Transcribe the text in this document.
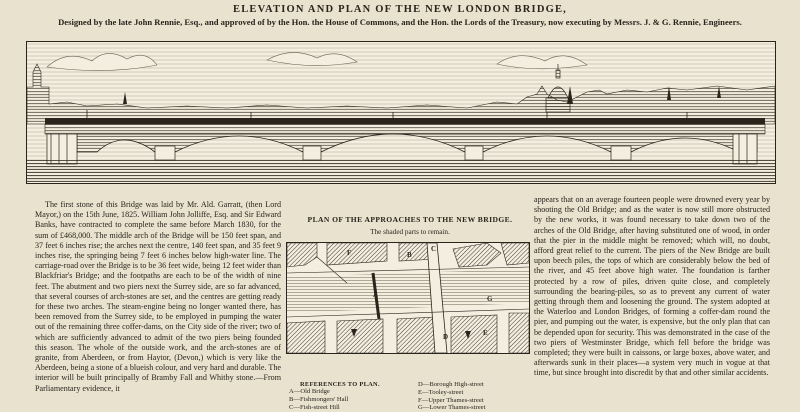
ELEVATION AND PLAN OF THE NEW LONDON BRIDGE,
Designed by the late John Rennie, Esq., and approved of by the Hon. the House of Commons, and the Hon. the Lords of the Treasury, now executing by Messrs. J. & G. Rennie, Engineers.

The first stone of this Bridge was laid by Mr. Ald. Garratt, (then Lord Mayor,) on the 15th June, 1825. William John Jolliffe, Esq. and Sir Edward Banks, have contracted to complete the same before March 1830, for the sum of £468,000. The middle arch of the Bridge will be 150 feet span, and 37 feet 6 inches rise; the arches next the centre, 140 feet span, and 35 feet 9 inches rise, the springing being 7 feet 6 inches below high-water line. The carriage-road over the Bridge is to be 36 feet wide, being 12 feet wider than Blackfriar's Bridge; and the footpaths are each to be of the width of nine feet. The abutment and two piers next the Surrey side, are so far advanced, that several courses of arch-stones are set, and the centres are getting ready for these two arches. The steam-engine being no longer wanted there, has been removed from the Surrey side, to be employed in pumping the water out of the remaining three coffer-dams, on the City side of the river; two of which are sufficiently advanced to admit of the two piers being founded this season. The whole of the outside work, and the arch-stones are of granite, from Aberdeen, or from Haytor, (Devon,) which is very like the Aberdeen, being a stone of a blueish colour, and very hard and durable. The interior will be built principally of Bramby Fall and Whitby stone.—From Parliamentary evidence, it

PLAN OF THE APPROACHES TO THE NEW BRIDGE.
The shaded parts to remain.
A
B
C
D	E
F
G
REFERENCES TO PLAN.
A—Old Bridge
B—Fishmongers' Hall
C—Fish-street Hill
D—Borough High-street
E—Tooley-street
F—Upper Thames-street
G—Lower Thames-street

appears that on an average fourteen people were drowned every year by shooting the Old Bridge; and as the water is now still more obstructed by the new works, it was found necessary to take down two of the arches of the Old Bridge, after having substituted one of wood, in order that the pier in the middle might be removed; which will, no doubt, afford great relief to the current. The piers of the New Bridge are built upon beech piles, the tops of which are considerably below the bed of the river, and 45 feet above high water. The foundation is farther protected by a row of piles, driven quite close, and completely surrounding the bearing-piles, so as to prevent any current of water getting through them and loosening the ground. The system adopted at the Waterloo and London Bridges, of forming a coffer-dam round the pier, and pumping out the water, is expensive, but the only plan that can be depended upon for security. This was demonstrated in the case of the two piers of Westminster Bridge, which fell before the bridge was completed; they were built in caissons, or large boxes, above water, and afterwards sunk in their places—a system very much in vogue at that time, but since brought into discredit by that and other similar accidents.
